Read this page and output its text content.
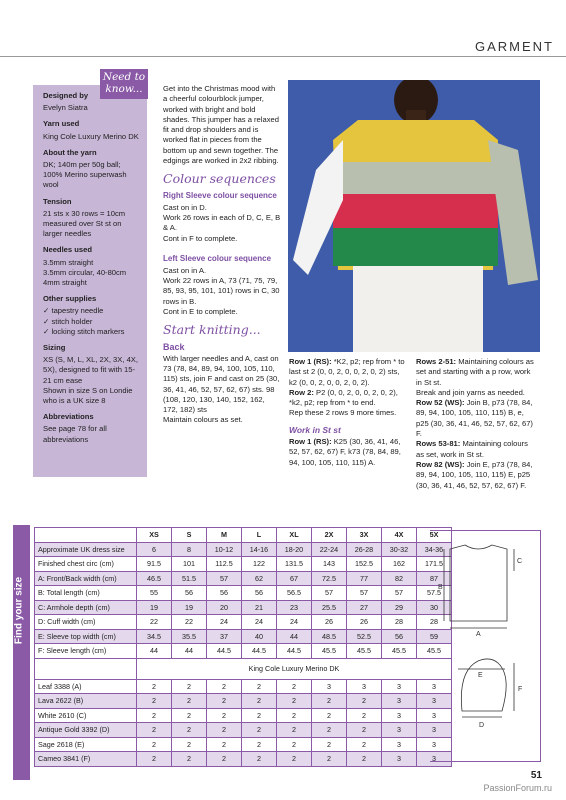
GARMENT
Designed by

Evelyn Siatra

Yarn used

King Cole Luxury Merino DK

About the yarn

DK; 140m per 50g ball; 100% Merino superwash wool

Tension

21 sts x 30 rows = 10cm measured over St st on larger needles

Needles used

3.5mm straight

3.5mm circular, 40-80cm

4mm straight

Other supplies

✓ tapestry needle

✓ stitch holder

✓ locking stitch markers

Sizing

XS (S, M, L, XL, 2X, 3X, 4X, 5X), designed to fit with 15-21 cm ease

Shown in size S on Londie who is a UK size 8

Abbreviations

See page 78 for all abbreviations

Need to know...	Get into the Christmas mood with a cheerful colourblock jumper, worked with bright and bold shades. This jumper has a relaxed fit and drop shoulders and is worked flat in pieces from the bottom up and sewn together. The edgings are worked in 2x2 ribbing.

Colour sequences
Right Sleeve colour sequence

Cast on in D.

Work 26 rows in each of D, C, E, B & A.

Cont in F to complete.

Left Sleeve colour sequence

Cast on in A.

Work 22 rows in A, 73 (71, 75, 79, 85, 93, 95, 101, 101) rows in C, 30 rows in B.

Cont in E to complete.

Start knitting...
Back

With larger needles and A, cast on 73 (78, 84, 89, 94, 100, 105, 110, 115) sts, join F and cast on 25 (30, 36, 41, 46, 52, 57, 62, 67) sts. 98 (108, 120, 130, 140, 152, 162, 172, 182) sts

Maintain colours as set.

Row 1 (RS): *K2, p2; rep from * to last st 2 (0, 0, 2, 0, 0, 2, 0, 2) sts, k2 (0, 0, 2, 0, 0, 2, 0, 2).

Row 2: P2 (0, 0, 2, 0, 0, 2, 0, 2), *k2, p2; rep from * to end.

Rep these 2 rows 9 more times.

Work in St st

Row 1 (RS): K25 (30, 36, 41, 46, 52, 57, 62, 67) F, k73 (78, 84, 89, 94, 100, 105, 110, 115) A.

Rows 2-51: Maintaining colours as set and starting with a p row, work in St st.

Break and join yarns as needed.

Row 52 (WS): Join B, p73 (78, 84, 89, 94, 100, 105, 110, 115) B, e, p25 (30, 36, 41, 46, 52, 57, 62, 67) F.

Rows 53-81: Maintaining colours as set, work in St st.

Row 82 (WS): Join E, p73 (78, 84, 89, 94, 100, 105, 110, 115) E, p25 (30, 36, 41, 46, 52, 57, 62, 67) F.

Find your size
	XS	S	M	L	XL	2X	3X	4X	5X
Approximate UK dress size	6	8	10-12	14-16	18-20	22-24	26-28	30-32	34-36
Finished chest circ (cm)	91.5	101	112.5	122	131.5	143	152.5	162	171.5
A: Front/Back width (cm)	46.5	51.5	57	62	67	72.5	77	82	87
B: Total length (cm)	55	56	56	56	56.5	57	57	57	57.5
C: Armhole depth (cm)	19	19	20	21	23	25.5	27	29	30
D: Cuff width (cm)	22	22	24	24	24	26	26	28	28
E: Sleeve top width (cm)	34.5	35.5	37	40	44	48.5	52.5	56	59
F: Sleeve length (cm)	44	44	44.5	44.5	44.5	45.5	45.5	45.5	45.5
	King Cole Luxury Merino DK								
Leaf 3388 (A)	2	2	2	2	2	3	3	3	3
Lava 2622 (B)	2	2	2	2	2	2	2	3	3
White 2610 (C)	2	2	2	2	2	2	2	3	3
Antique Gold 3392 (D)	2	2	2	2	2	2	2	3	3
Sage 2618 (E)	2	2	2	2	2	2	2	3	3
Cameo 3841 (F)	2	2	2	2	2	2	2	3	3
B
C
A
E
D
F
51
PassionForum.ru
